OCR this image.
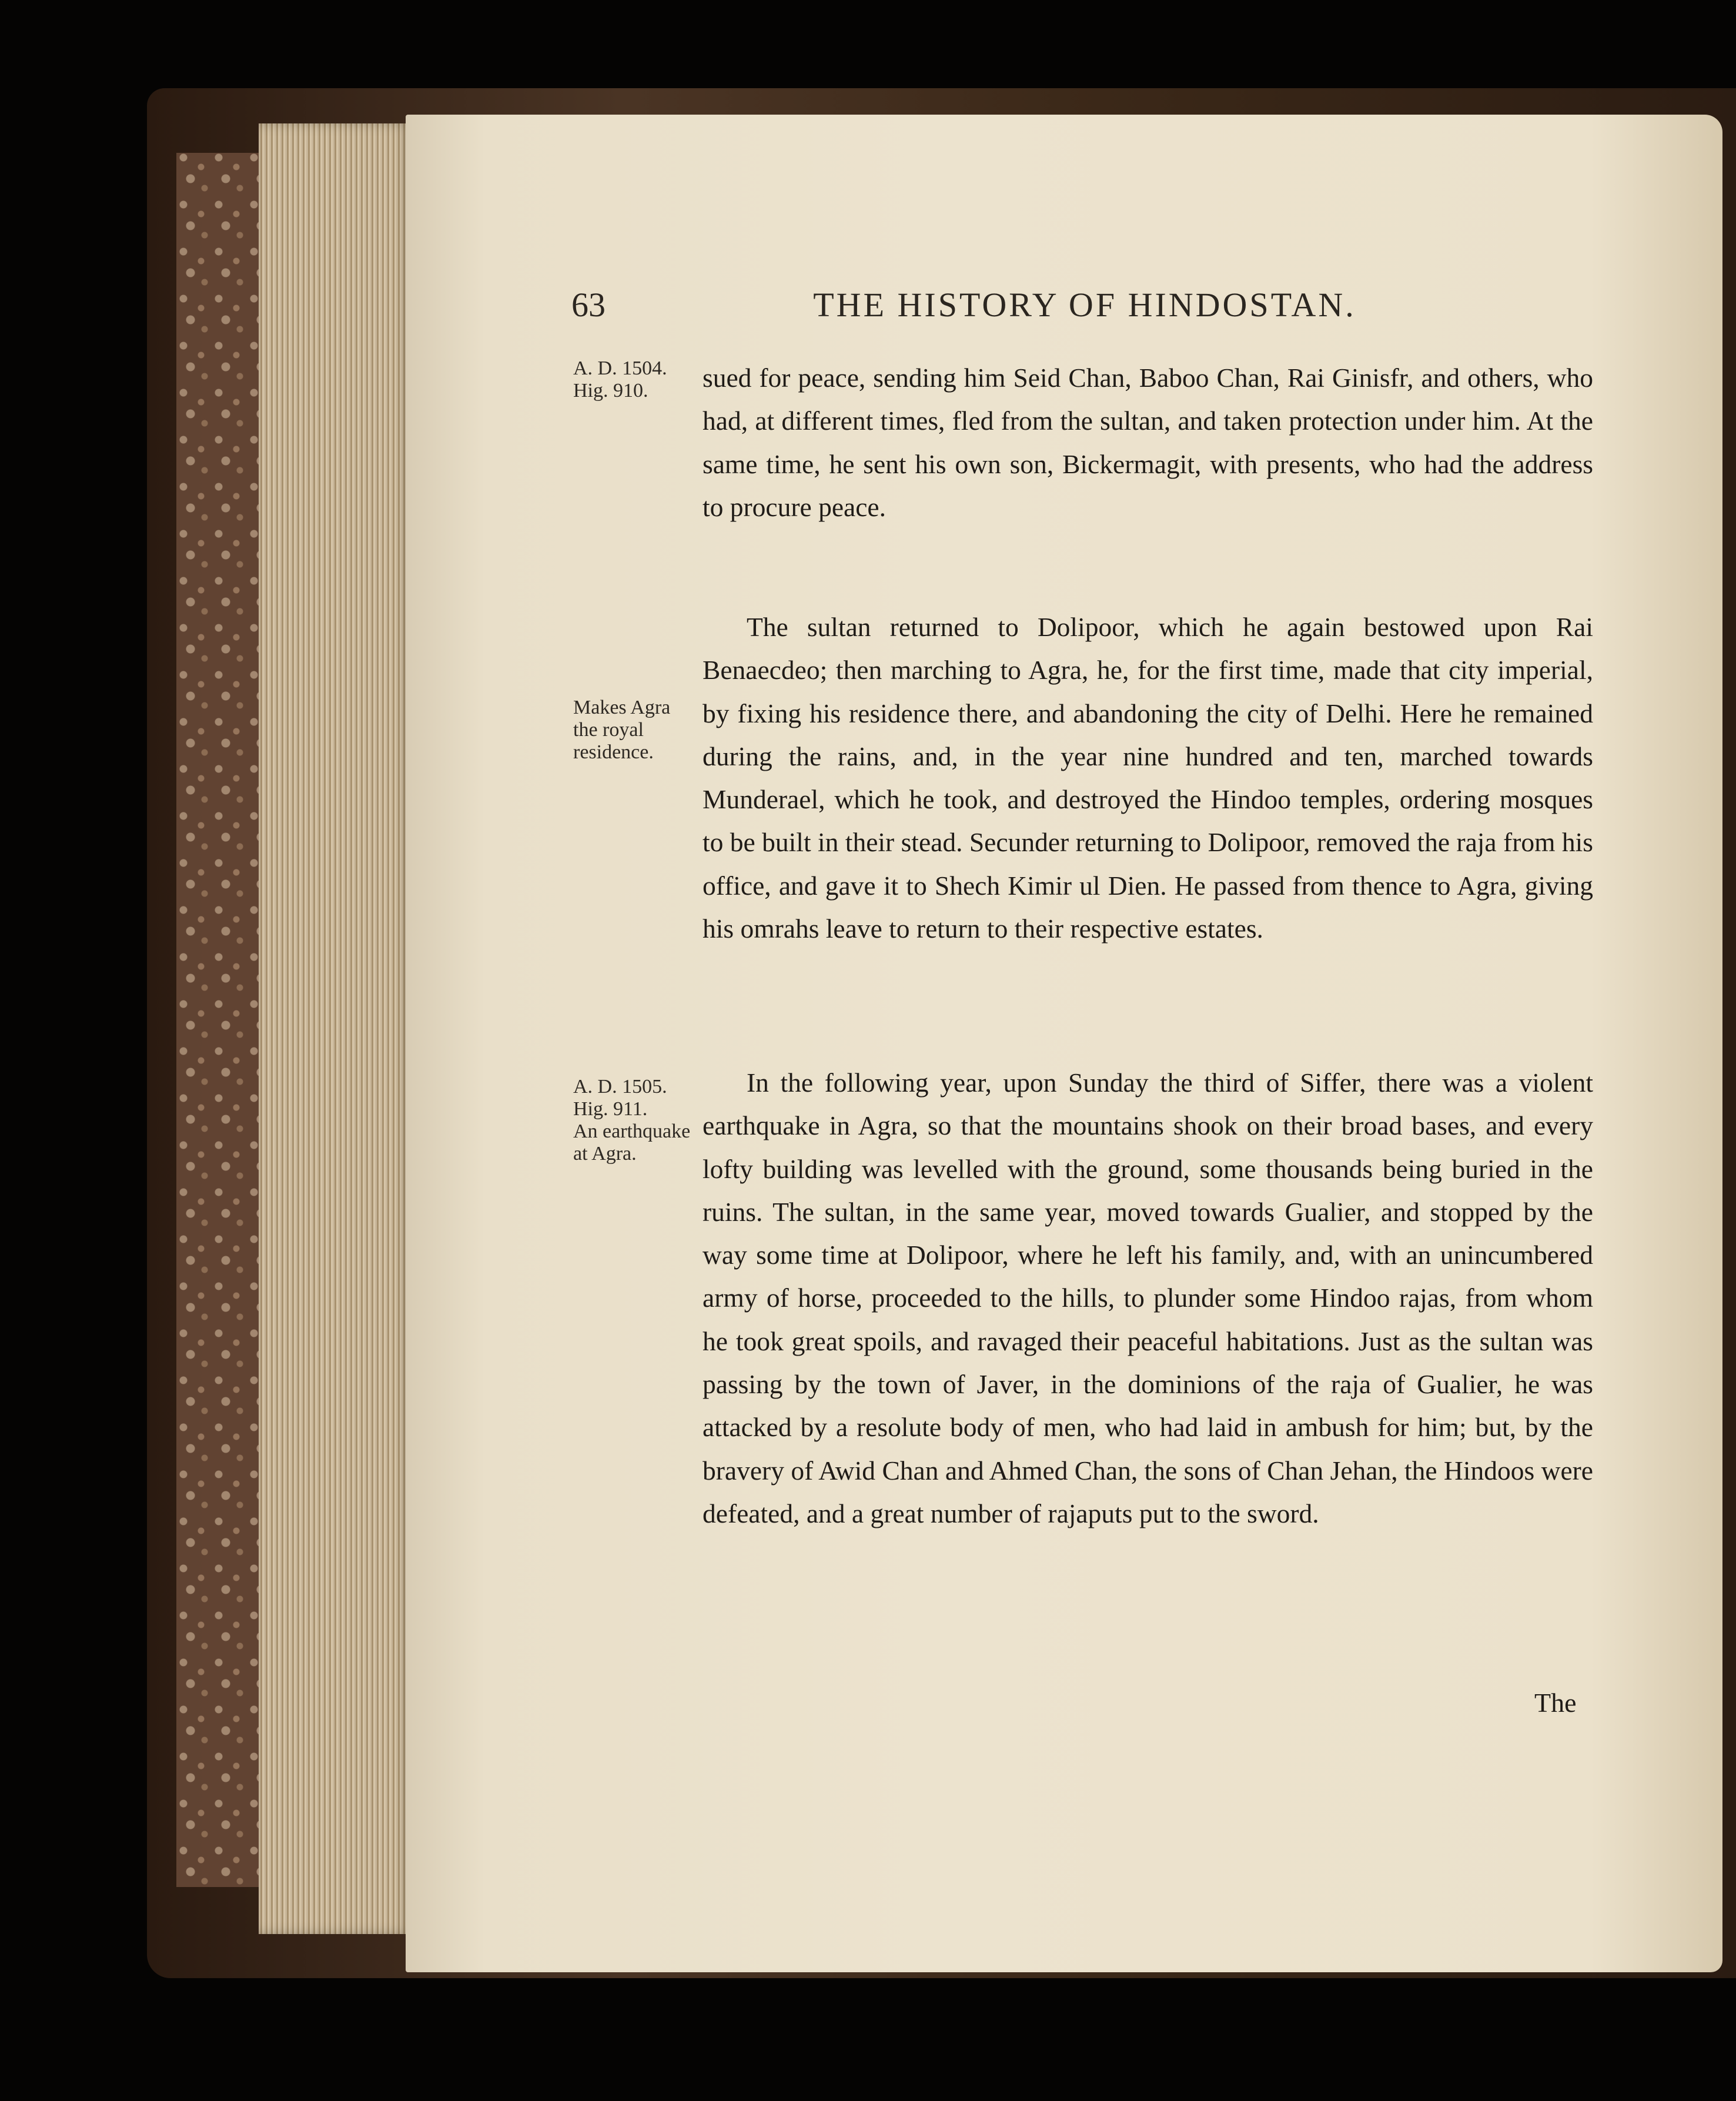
63	THE HISTORY OF HINDOSTAN.
A. D. 1504.
Hig. 910.
Makes Agra the royal residence.
A. D. 1505.
Hig. 911.
An earthquake at Agra.

sued for peace, sending him Seid Chan, Baboo Chan, Rai Ginisfr, and others, who had, at different times, fled from the sultan, and taken protection under him. At the same time, he sent his own son, Bickermagit, with presents, who had the address to procure peace.

The sultan returned to Dolipoor, which he again bestowed upon Rai Benaecdeo; then marching to Agra, he, for the first time, made that city imperial, by fixing his residence there, and abandoning the city of Delhi. Here he remained during the rains, and, in the year nine hundred and ten, marched towards Munderael, which he took, and destroyed the Hindoo temples, ordering mosques to be built in their stead. Secunder returning to Dolipoor, removed the raja from his office, and gave it to Shech Kimir ul Dien. He passed from thence to Agra, giving his omrahs leave to return to their respective estates.

In the following year, upon Sunday the third of Siffer, there was a violent earthquake in Agra, so that the mountains shook on their broad bases, and every lofty building was levelled with the ground, some thousands being buried in the ruins. The sultan, in the same year, moved towards Gualier, and stopped by the way some time at Dolipoor, where he left his family, and, with an unincumbered army of horse, proceeded to the hills, to plunder some Hindoo rajas, from whom he took great spoils, and ravaged their peaceful habitations. Just as the sultan was passing by the town of Javer, in the dominions of the raja of Gualier, he was attacked by a resolute body of men, who had laid in ambush for him; but, by the bravery of Awid Chan and Ahmed Chan, the sons of Chan Jehan, the Hindoos were defeated, and a great number of rajaputs put to the sword.

The
